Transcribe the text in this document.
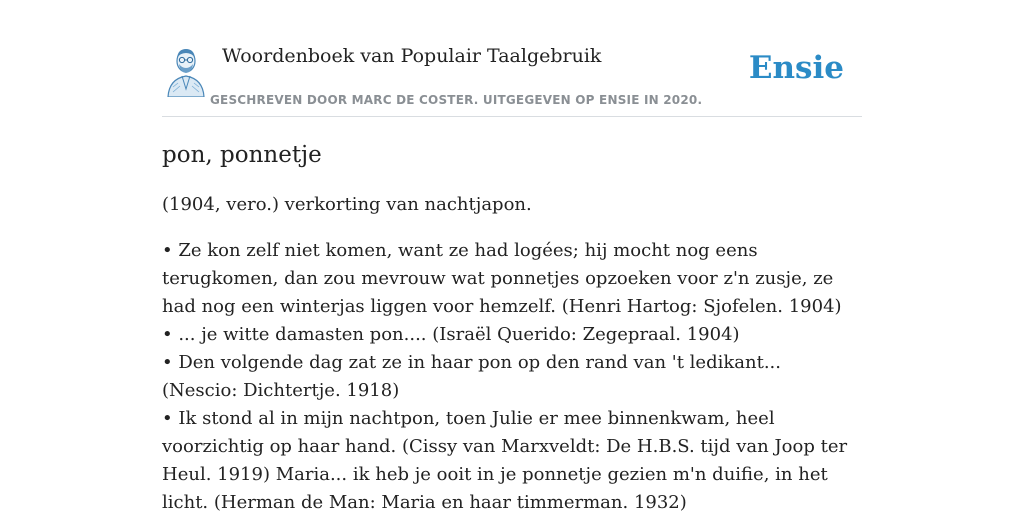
Woordenboek van Populair Taalgebruik
GESCHREVEN DOOR MARC DE COSTER. UITGEGEVEN OP ENSIE IN 2020.
Ensie
pon, ponnetje

(1904, vero.) verkorting van nachtjapon.

• Ze kon zelf niet komen, want ze had logées; hij mocht nog eens terugkomen, dan zou mevrouw wat ponnetjes opzoeken voor z'n zusje, ze had nog een winterjas liggen voor hemzelf. (Henri Hartog: Sjofelen. 1904)

• ... je witte damasten pon.... (Israël Querido: Zegepraal. 1904)

• Den volgende dag zat ze in haar pon op den rand van 't ledikant... (Nescio: Dichtertje. 1918)

• Ik stond al in mijn nachtpon, toen Julie er mee binnenkwam, heel voorzichtig op haar hand. (Cissy van Marxveldt: De H.B.S. tijd van Joop ter Heul. 1919) Maria... ik heb je ooit in je ponnetje gezien m'n duifie, in het licht. (Herman de Man: Maria en haar timmerman. 1932)
